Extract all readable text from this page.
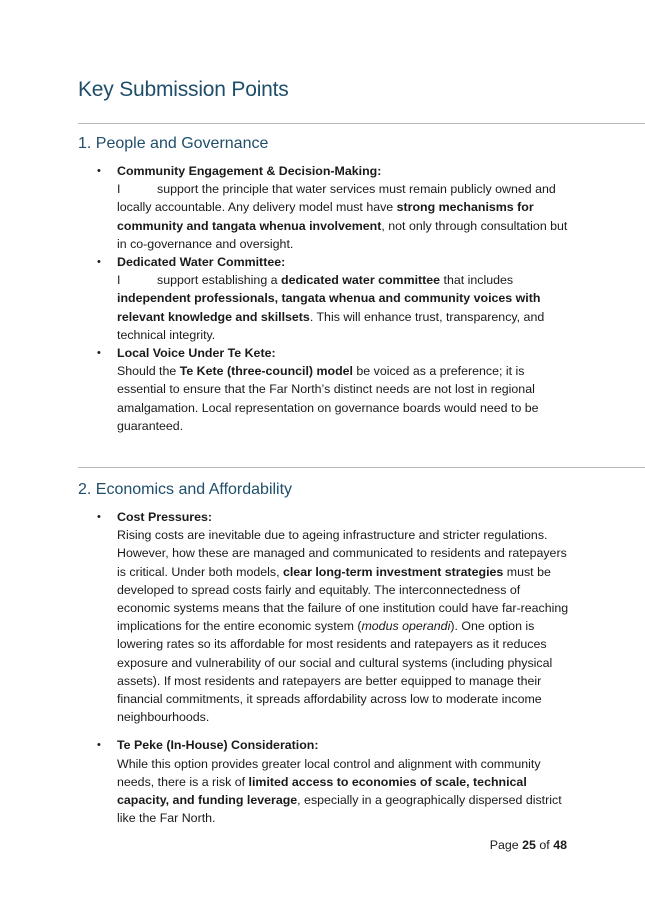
Key Submission Points
1. People and Governance
•	Community Engagement & Decision-Making:
I	support the principle that water services must remain publicly owned and locally accountable. Any delivery model must have strong mechanisms for community and tangata whenua involvement, not only through consultation but in co-governance and oversight.
•	Dedicated Water Committee:
I	support establishing a dedicated water committee that includes independent professionals, tangata whenua and community voices with relevant knowledge and skillsets. This will enhance trust, transparency, and technical integrity.
•	Local Voice Under Te Kete:
Should the Te Kete (three-council) model be voiced as a preference; it is essential to ensure that the Far North’s distinct needs are not lost in regional amalgamation. Local representation on governance boards would need to be guaranteed.
2. Economics and Affordability
•	Cost Pressures:
Rising costs are inevitable due to ageing infrastructure and stricter regulations. However, how these are managed and communicated to residents and ratepayers is critical. Under both models, clear long-term investment strategies must be developed to spread costs fairly and equitably. The interconnectedness of economic systems means that the failure of one institution could have far-reaching implications for the entire economic system (modus operandi). One option is lowering rates so its affordable for most residents and ratepayers as it reduces exposure and vulnerability of our social and cultural systems (including physical assets). If most residents and ratepayers are better equipped to manage their financial commitments, it spreads affordability across low to moderate income neighbourhoods.
•	Te Peke (In-House) Consideration:
While this option provides greater local control and alignment with community needs, there is a risk of limited access to economies of scale, technical capacity, and funding leverage, especially in a geographically dispersed district like the Far North.
Page 25 of 48
